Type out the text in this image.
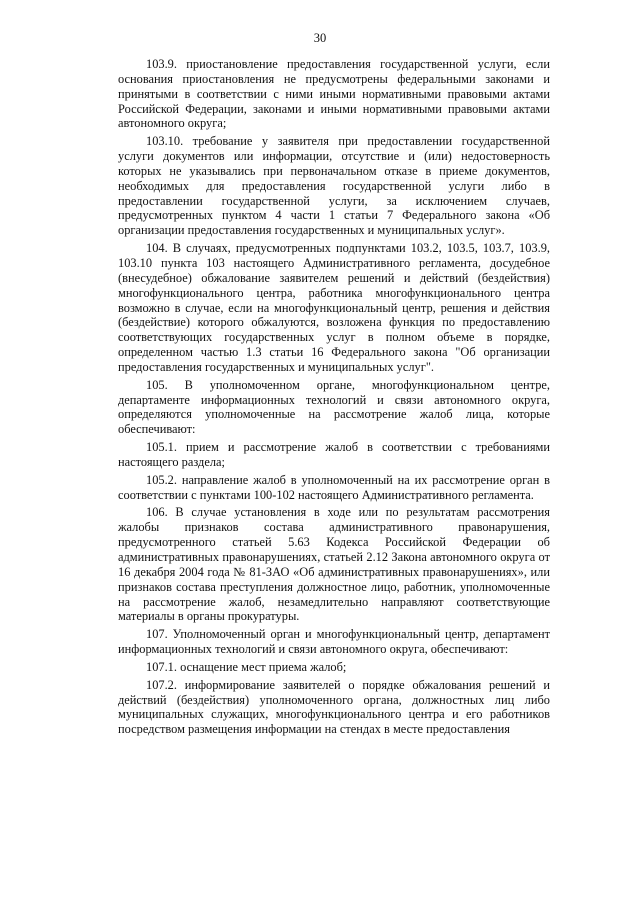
30

103.9. приостановление предоставления государственной услуги, если основания приостановления не предусмотрены федеральными законами и принятыми в соответствии с ними иными нормативными правовыми актами Российской Федерации, законами и иными нормативными правовыми актами автономного округа;

103.10. требование у заявителя при предоставлении государственной услуги документов или информации, отсутствие и (или) недостоверность которых не указывались при первоначальном отказе в приеме документов, необходимых для предоставления государственной услуги либо в предоставлении государственной услуги, за исключением случаев, предусмотренных пунктом 4 части 1 статьи 7 Федерального закона «Об организации предоставления государственных и муниципальных услуг».

104. В случаях, предусмотренных подпунктами 103.2, 103.5, 103.7, 103.9, 103.10 пункта 103 настоящего Административного регламента, досудебное (внесудебное) обжалование заявителем решений и действий (бездействия) многофункционального центра, работника многофункционального центра возможно в случае, если на многофункциональный центр, решения и действия (бездействие) которого обжалуются, возложена функция по предоставлению соответствующих государственных услуг в полном объеме в порядке, определенном частью 1.3 статьи 16 Федерального закона "Об организации предоставления государственных и муниципальных услуг".

105. В уполномоченном органе, многофункциональном центре, департаменте информационных технологий и связи автономного округа, определяются уполномоченные на рассмотрение жалоб лица, которые обеспечивают:

105.1. прием и рассмотрение жалоб в соответствии с требованиями настоящего раздела;

105.2. направление жалоб в уполномоченный на их рассмотрение орган в соответствии с пунктами 100-102 настоящего Административного регламента.

106. В случае установления в ходе или по результатам рассмотрения жалобы признаков состава административного правонарушения, предусмотренного статьей 5.63 Кодекса Российской Федерации об административных правонарушениях, статьей 2.12 Закона автономного округа от 16 декабря 2004 года № 81-ЗАО «Об административных правонарушениях», или признаков состава преступления должностное лицо, работник, уполномоченные на рассмотрение жалоб, незамедлительно направляют соответствующие материалы в органы прокуратуры.

107. Уполномоченный орган и многофункциональный центр, департамент информационных технологий и связи автономного округа, обеспечивают:

107.1. оснащение мест приема жалоб;

107.2. информирование заявителей о порядке обжалования решений и действий (бездействия) уполномоченного органа, должностных лиц либо муниципальных служащих, многофункционального центра и его работников посредством размещения информации на стендах в месте предоставления
